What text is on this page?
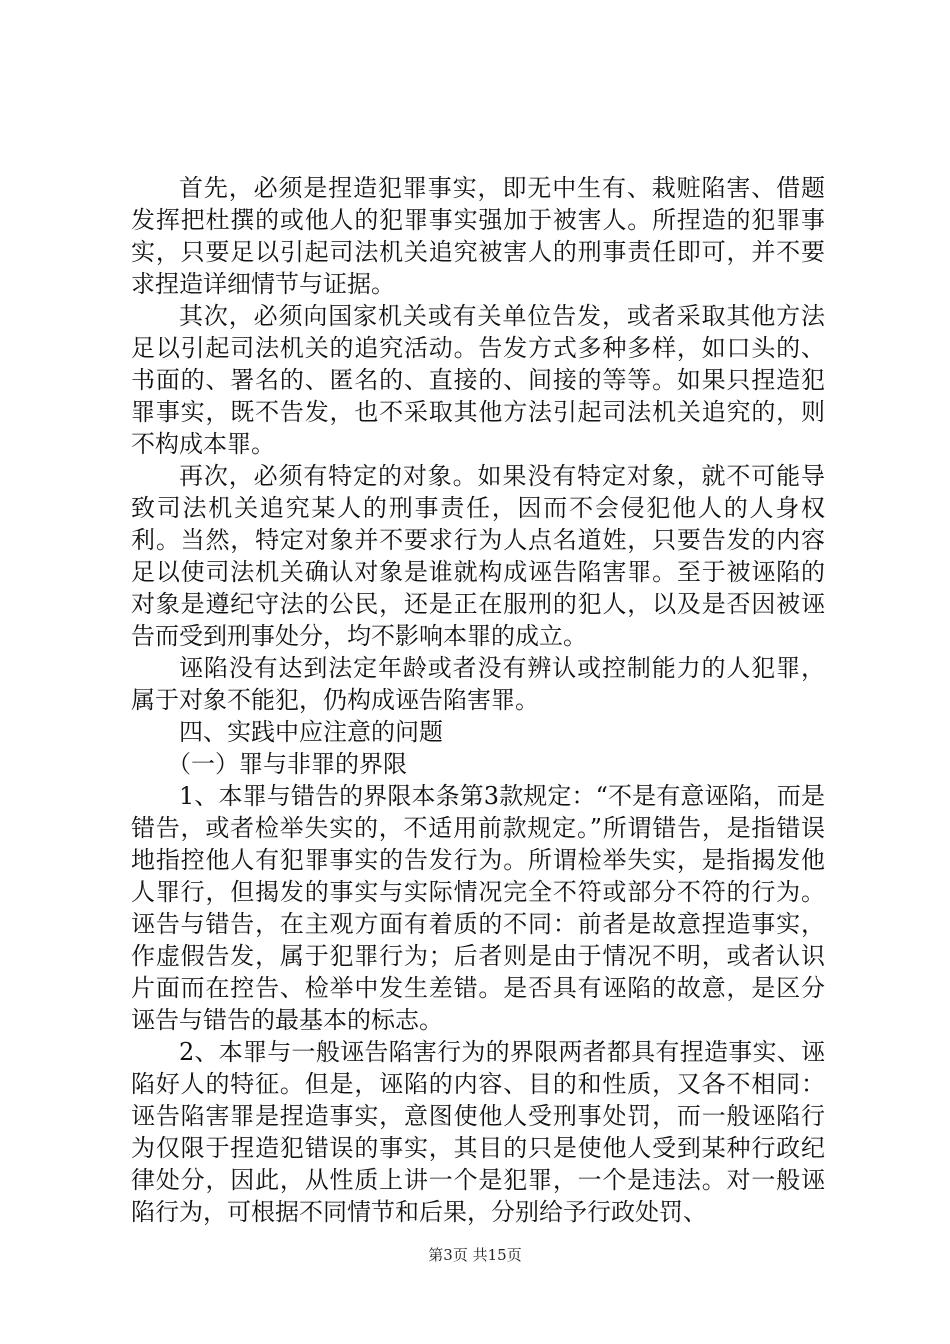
首先，必须是捏造犯罪事实，即无中生有、栽赃陷害、借题发挥把杜撰的或他人的犯罪事实强加于被害人。所捏造的犯罪事实，只要足以引起司法机关追究被害人的刑事责任即可，并不要求捏造详细情节与证据。

其次，必须向国家机关或有关单位告发，或者采取其他方法足以引起司法机关的追究活动。告发方式多种多样，如口头的、书面的、署名的、匿名的、直接的、间接的等等。如果只捏造犯罪事实，既不告发，也不采取其他方法引起司法机关追究的，则不构成本罪。

再次，必须有特定的对象。如果没有特定对象，就不可能导致司法机关追究某人的刑事责任，因而不会侵犯他人的人身权利。当然，特定对象并不要求行为人点名道姓，只要告发的内容足以使司法机关确认对象是谁就构成诬告陷害罪。至于被诬陷的对象是遵纪守法的公民，还是正在服刑的犯人，以及是否因被诬告而受到刑事处分，均不影响本罪的成立。

诬陷没有达到法定年龄或者没有辨认或控制能力的人犯罪，属于对象不能犯，仍构成诬告陷害罪。

四、实践中应注意的问题

（一）罪与非罪的界限

1、本罪与错告的界限本条第3款规定：“不是有意诬陷，而是错告，或者检举失实的，不适用前款规定。”所谓错告，是指错误地指控他人有犯罪事实的告发行为。所谓检举失实，是指揭发他人罪行，但揭发的事实与实际情况完全不符或部分不符的行为。诬告与错告，在主观方面有着质的不同：前者是故意捏造事实，作虚假告发，属于犯罪行为；后者则是由于情况不明，或者认识片面而在控告、检举中发生差错。是否具有诬陷的故意，是区分诬告与错告的最基本的标志。

2、本罪与一般诬告陷害行为的界限两者都具有捏造事实、诬陷好人的特征。但是，诬陷的内容、目的和性质，又各不相同：诬告陷害罪是捏造事实，意图使他人受刑事处罚，而一般诬陷行为仅限于捏造犯错误的事实，其目的只是使他人受到某种行政纪律处分，因此，从性质上讲一个是犯罪，一个是违法。对一般诬陷行为，可根据不同情节和后果，分别给予行政处罚、

第3页 共15页
